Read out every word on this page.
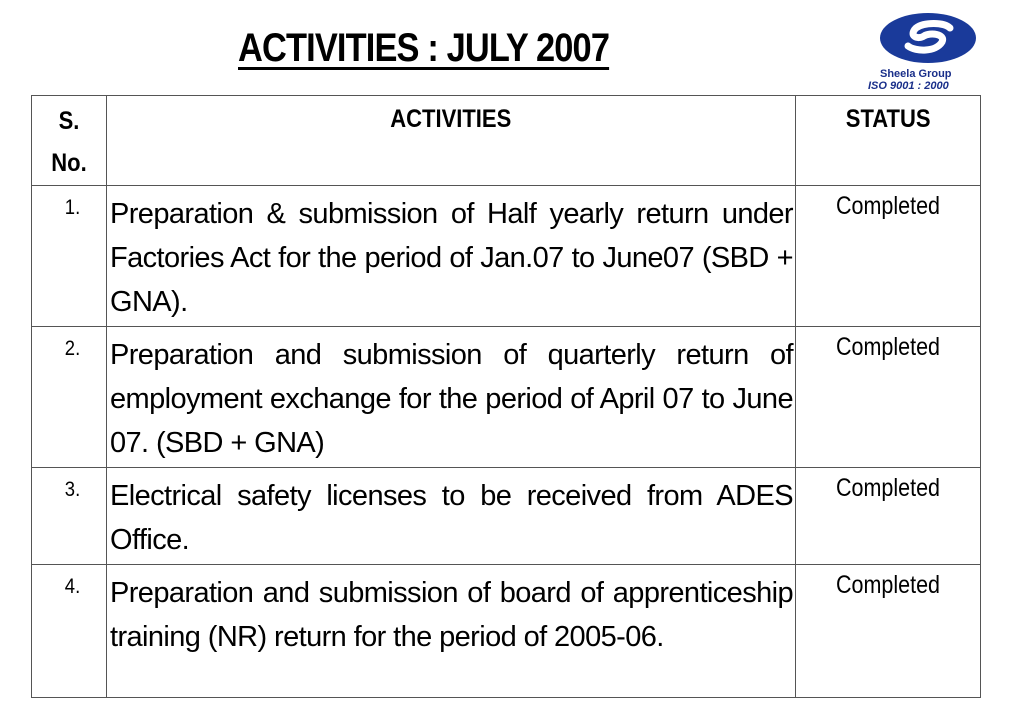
ACTIVITIES : JULY 2007
Sheela Group
ISO 9001 : 2000
S. No.	ACTIVITIES	STATUS

1.	Preparation & submission of Half yearly return under Factories Act for the period of Jan.07 to June07 (SBD + GNA).	Completed

2.	Preparation and submission of quarterly return of employment exchange for the period of April 07 to June 07. (SBD + GNA)	Completed

3.	Electrical safety licenses to be received from ADES Office.	Completed

4.	Preparation and submission of board of apprenticeship training (NR) return for the period of 2005-06.	Completed
